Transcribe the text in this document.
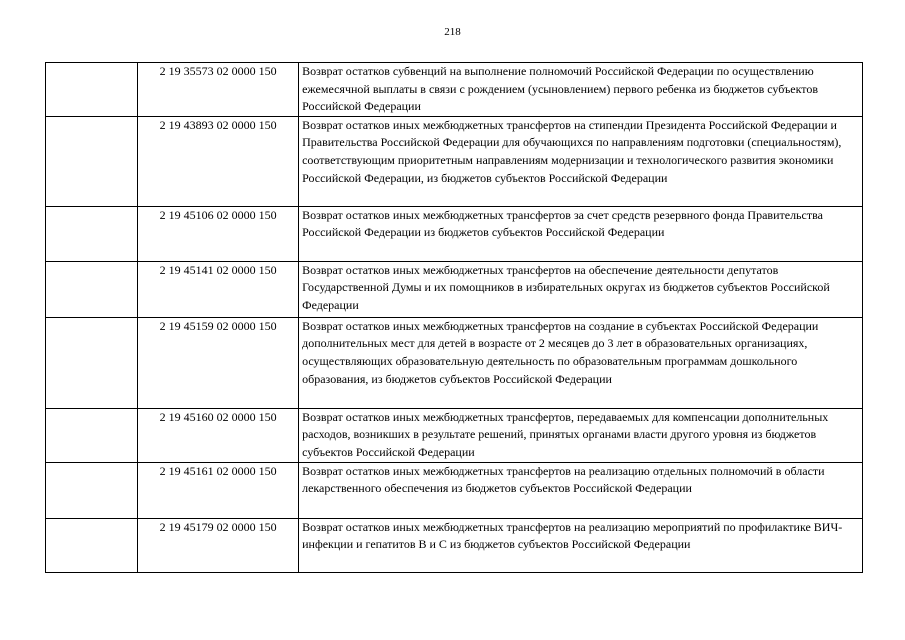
218
	2 19 35573 02 0000 150	Возврат остатков субвенций на выполнение полномочий Российской Федерации по осуществлению ежемесячной выплаты в связи с рождением (усыновлением) первого ребенка из бюджетов субъектов Российской Федерации
	2 19 43893 02 0000 150	Возврат остатков иных межбюджетных трансфертов на стипендии Президента Российской Федерации и Правительства Российской Федерации для обучающихся по направлениям подготовки (специальностям), соответствующим приоритетным направлениям модернизации и технологического развития экономики Российской Федерации, из бюджетов субъектов Российской Федерации
	2 19 45106 02 0000 150	Возврат остатков иных межбюджетных трансфертов за счет средств резервного фонда Правительства Российской Федерации из бюджетов субъектов Российской Федерации
	2 19 45141 02 0000 150	Возврат остатков иных межбюджетных трансфертов на обеспечение деятельности депутатов Государственной Думы и их помощников в избирательных округах из бюджетов субъектов Российской Федерации
	2 19 45159 02 0000 150	Возврат остатков иных межбюджетных трансфертов на создание в субъектах Российской Федерации дополнительных мест для детей в возрасте от 2 месяцев до 3 лет в образовательных организациях, осуществляющих образовательную деятельность по образовательным программам дошкольного образования, из бюджетов субъектов Российской Федерации
	2 19 45160 02 0000 150	Возврат остатков иных межбюджетных трансфертов, передаваемых для компенсации дополнительных расходов, возникших в результате решений, принятых органами власти другого уровня из бюджетов субъектов Российской Федерации
	2 19 45161 02 0000 150	Возврат остатков иных межбюджетных трансфертов на реализацию отдельных полномочий в области лекарственного обеспечения из бюджетов субъектов Российской Федерации
	2 19 45179 02 0000 150	Возврат остатков иных межбюджетных трансфертов на реализацию мероприятий по профилактике ВИЧ-инфекции и гепатитов B и C из бюджетов субъектов Российской Федерации
